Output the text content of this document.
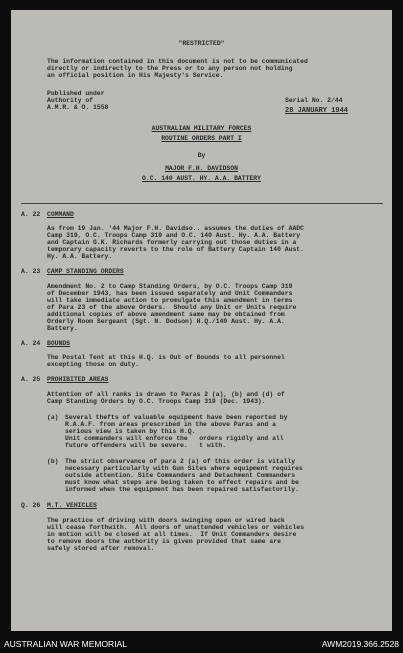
"RESTRICTED"
The information contained in this document is not to be communicated
directly or indirectly to the Press or to any person not holding
an official position in His Majesty's Service.
Published under
Authority of
A.M.R. & O. 1558
Serial No. 2/44
28 JANUARY 1944
AUSTRALIAN MILITARY FORCES
ROUTINE ORDERS PART I
By
MAJOR F.H. DAVIDSON
O.C. 140 AUST. HY. A.A. BATTERY
A. 22 COMMAND
As from 19 Jan. '44 Major F.H. Davidso.. assumes the duties of AADC
Camp 319, O.C. Troops Camp 319 and O.C. 140 Aust. Hy. A.A. Battery
and Captain G.K. Richards formerly carrying out those duties in a
temporary capacity reverts to the role of Battery Captain 140 Aust.
Hy. A.A. Battery.
A. 23 CAMP STANDING ORDERS
Amendment No. 2 to Camp Standing Orders, by O.C. Troops Camp 319
of December 1943, has been issued separately and Unit Commanders
will take immediate action to promulgate this amendment in terms
of Para 23 of the above Orders.  Should any Unit or Units require
additional copies of above amendment same may be obtained from
Orderly Room Sergeant (Sgt. N. Dodson) H.Q./140 Aust. Hy. A.A.
Battery.
A. 24 BOUNDS
The Postal Tent at this H.Q. is Out of Bounds to all personnel
excepting those on duty.
A. 25 PROHIBITED AREAS
Attention of all ranks is drawn to Paras 2 (a), (b) and (d) of
Camp Standing Orders by O.C. Troops Camp 319 (Dec. 1943).
(a) Several thefts of valuable equipment have been reported by
R.A.A.F. from areas prescribed in the above Paras and a
serious view is taken by this H.Q.
Unit commanders will enforce the   orders rigidly and all
future offenders will be severe.   t with.
(b) The strict observance of para 2 (a) of this order is vitally
necessary particularly with Gun Sites where equipment requires
outside attention. Site Commanders and Detachment Commanders
must know what steps are being taken to effect repairs and be
informed when the equipment has been repaired satisfactorily.
Q. 26 M.T. VEHICLES
The practice of driving with doors swinging open or wired back
will cease forthwith.  All doors of unattended vehicles or vehicles
in motion will be closed at all times.  If Unit Commanders desire
to remove doors the authority is given provided that same are
safely stored after removal.
AUSTRALIAN WAR MEMORIAL	AWM2019.366.2528
